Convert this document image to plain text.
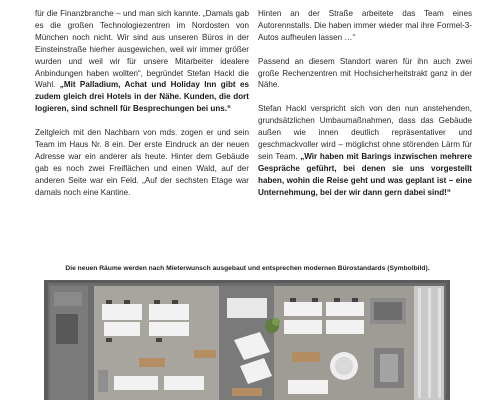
für die Finanzbranche – und man sich kannte. „Damals gab es die großen Technologiezentren im Nordosten von München noch nicht. Wir sind aus unseren Büros in der Einsteinstraße hierher ausgewichen, weil wir immer größer wurden und weil wir für unsere Mitarbeiter idealere Anbindungen haben wollten“, begründet Stefan Hackl die Wahl. „Mit Palladium, Achat und Holiday Inn gibt es zudem gleich drei Hotels in der Nähe. Kunden, die dort logieren, sind schnell für Besprechungen bei uns.“

Zeitgleich mit den Nachbarn von mds. zogen er und sein Team im Haus Nr. 8 ein. Der erste Eindruck an der neuen Adresse war ein anderer als heute. Hinter dem Gebäude gab es noch zwei Freiflächen und einen Wald, auf der anderen Seite war ein Feld. „Auf der sechsten Etage war damals noch eine Kantine.

Hinten an der Straße arbeitete das Team eines Autorennstalls. Die haben immer wieder mal ihre Formel-3-Autos aufheulen lassen …“

Passend an diesem Standort waren für ihn auch zwei große Rechenzentren mit Hochsicherheitstrakt ganz in der Nähe.

Stefan Hackl verspricht sich von den nun anstehenden, grundsätzlichen Umbaumaßnahmen, dass das Gebäude außen wie innen deutlich repräsentativer und geschmackvoller wird – möglichst ohne störenden Lärm für sein Team. „Wir haben mit Barings inzwischen mehrere Gespräche geführt, bei denen sie uns vorgestellt haben, wohin die Reise geht und was geplant ist – eine Unternehmung, bei der wir dann gern dabei sind!“

Die neuen Räume werden nach Mieterwunsch ausgebaut und entsprechen modernen Bürostandards (Symbolbild).
